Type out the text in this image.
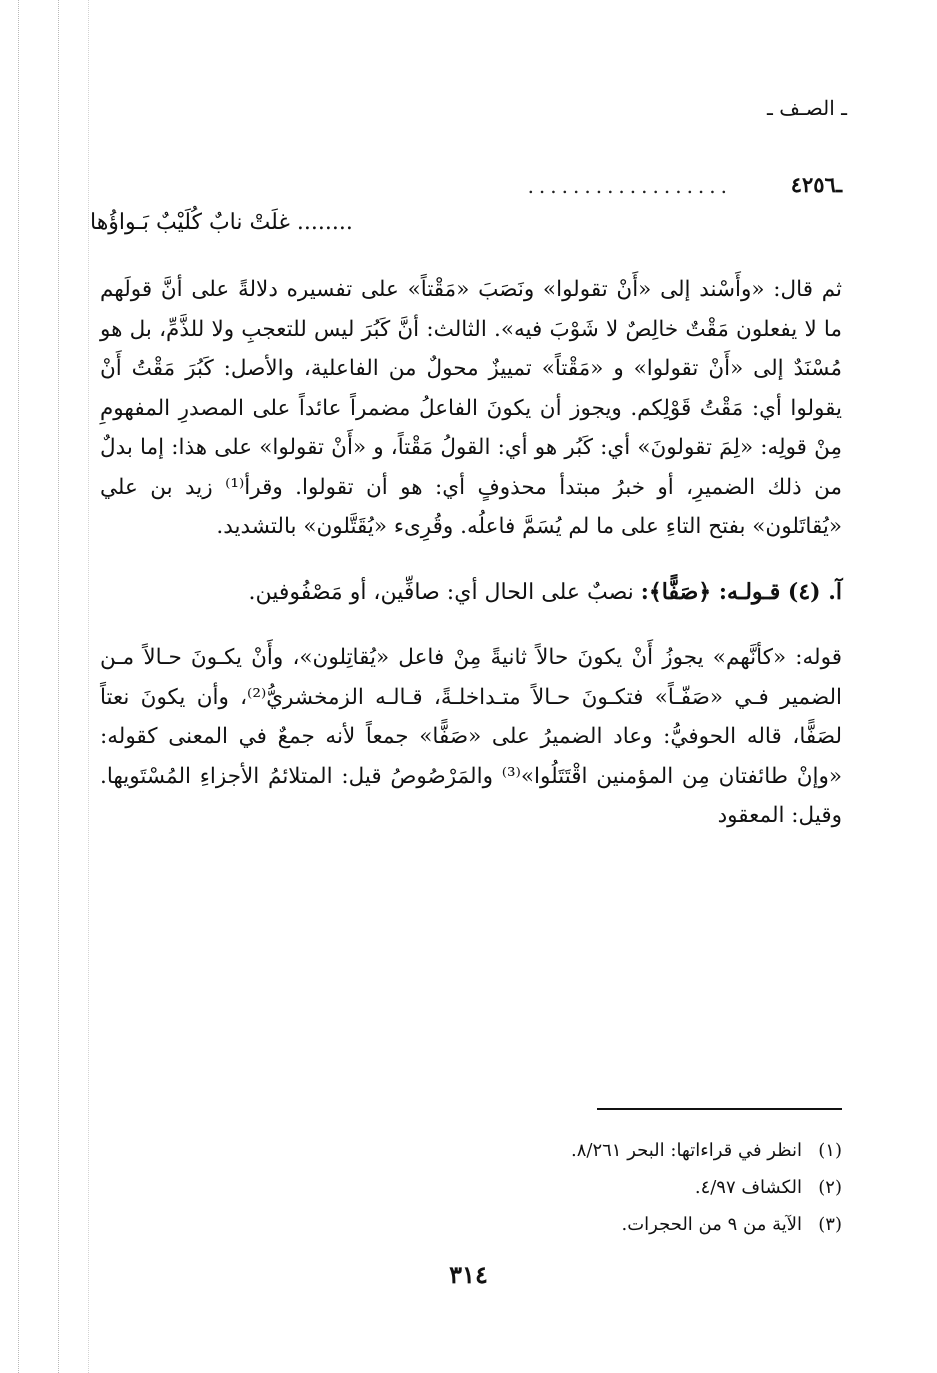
ـ الصـف ـ
ـ٤٢٥٦
..................
........ غلَتْ نابٌ كُلَيْبٌ بَـواؤُها

ثم قال: «وأَسْند إلى «أَنْ تقولوا» ونَصَبَ «مَقْتاً» على تفسيره دلالةً على أنَّ قولَهم ما لا يفعلون مَقْتٌ خالِصٌ لا شَوْبَ فيه». الثالث: أنَّ كَبُرَ ليس للتعجبِ ولا للذَّمِّ، بل هو مُسْنَدٌ إلى «أَنْ تقولوا» و «مَقْتاً» تمييزٌ محولٌ من الفاعلية، والأصل: كَبُرَ مَقْتُ أَنْ يقولوا أي: مَقْتُ قَوْلِكم. ويجوز أن يكونَ الفاعلُ مضمراً عائداً على المصدرِ المفهومِ مِنْ قولِه: «لِمَ تقولونَ» أي: كَبُر هو أي: القولُ مَقْتاً، و «أَنْ تقولوا» على هذا: إما بدلٌ من ذلك الضميرِ، أو خبرُ مبتدأ محذوفٍ أي: هو أن تقولوا. وقرأ⁽¹⁾ زيد بن علي «يُقاتَلون» بفتح التاءِ على ما لم يُسَمَّ فاعلُه. وقُرِىء «يُقَتَّلون» بالتشديد.

آ. (٤) قـولـه: ﴿صَفًّا﴾: نصبٌ على الحال أي: صافِّين، أو مَصْفُوفين.

قوله: «كأنَّهم» يجوزُ أَنْ يكونَ حالاً ثانيةً مِنْ فاعل «يُقاتِلون»، وأَنْ يكـونَ حـالاً مـن الضمير فـي «صَفّـاً» فتكـونَ حـالاً متـداخلـةً، قـالـه الزمخشريُّ⁽²⁾، وأن يكونَ نعتاً لصَفًّا، قاله الحوفيُّ: وعاد الضميرُ على «صَفًّا» جمعاً لأنه جمعٌ في المعنى كقوله: «وإنْ طائفتان مِن المؤمنين اقْتَتَلُوا»⁽³⁾ والمَرْصُوصُ قيل: المتلائمُ الأجزاءِ المُسْتَويها. وقيل: المعقود

(١)
انظر في قراءاتها: البحر ٨/٢٦١.
(٢)
الكشاف ٤/٩٧.
(٣)
الآية من ٩ من الحجرات.
٣١٤
